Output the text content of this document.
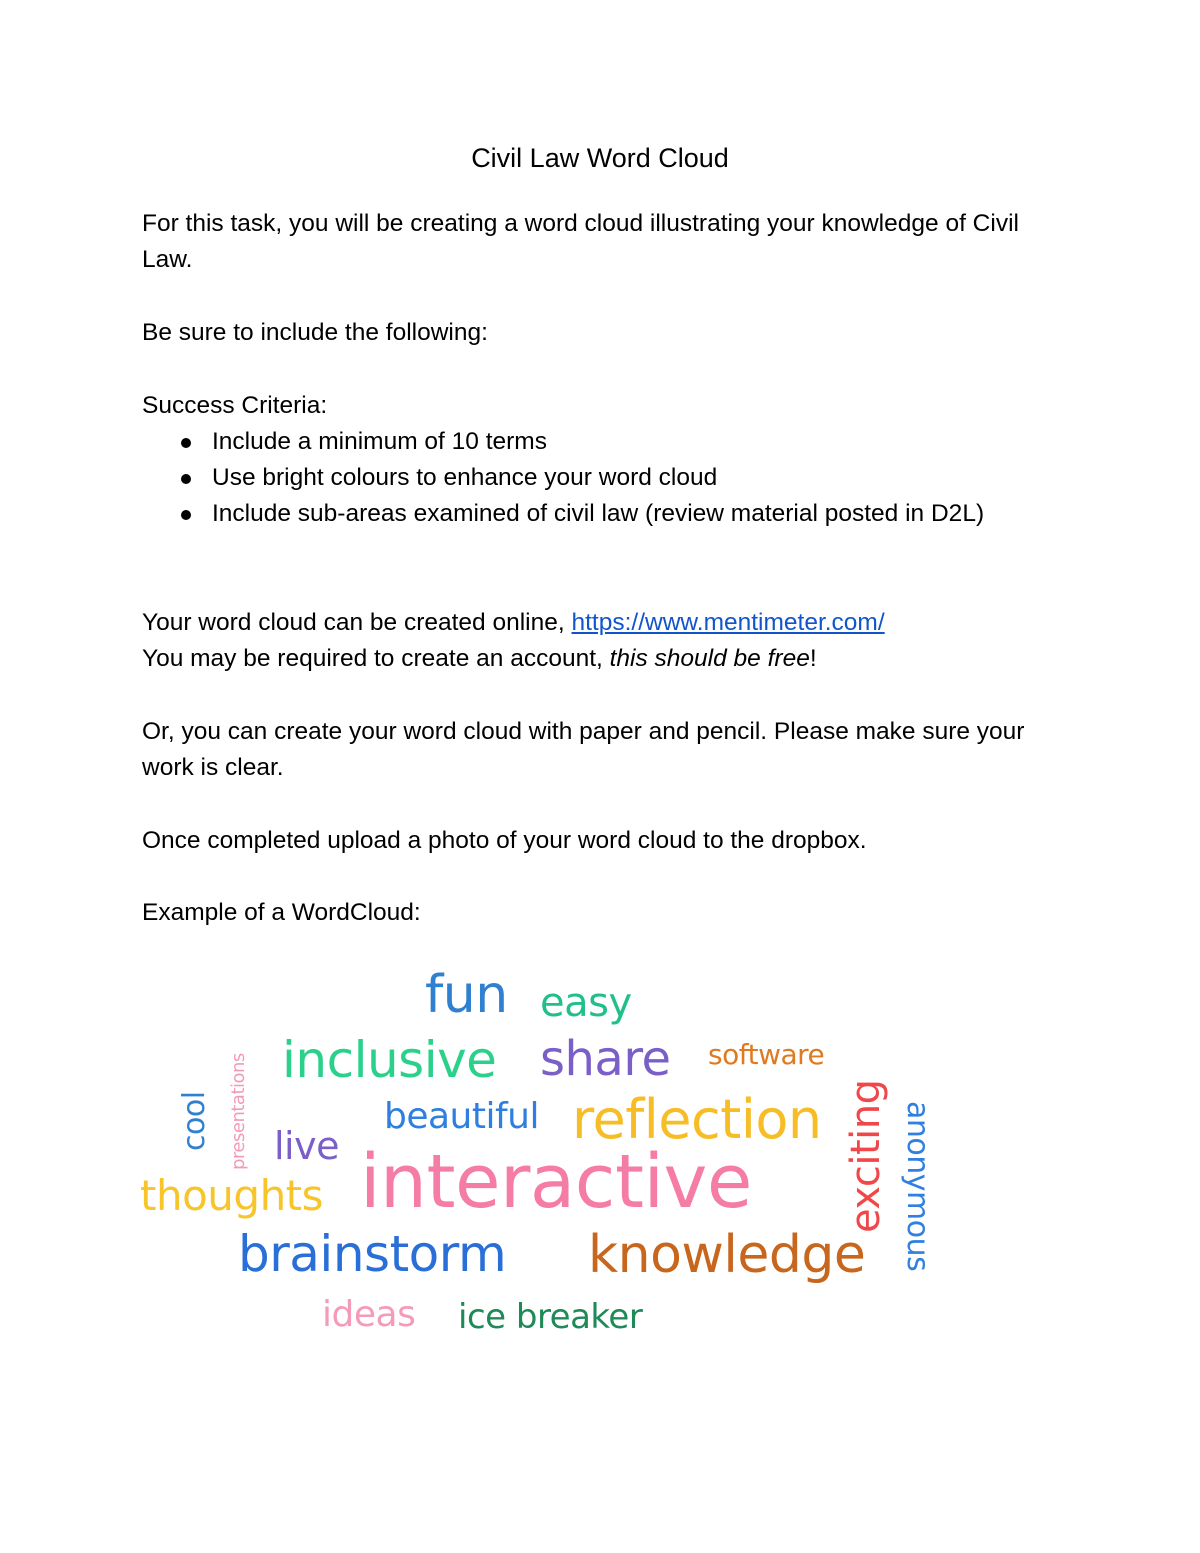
Civil Law Word Cloud
For this task, you will be creating a word cloud illustrating your knowledge of Civil Law.
Be sure to include the following:
Success Criteria:
Include a minimum of 10 terms
Use bright colours to enhance your word cloud
Include sub-areas examined of civil law (review material posted in D2L)
Your word cloud can be created online, https://www.mentimeter.com/
You may be required to create an account, this should be free!
Or, you can create your word cloud with paper and pencil. Please make sure your work is clear.
Once completed upload a photo of your word cloud to the dropbox.
Example of a WordCloud:
fun easy
inclusive share software
presentations
cool	beautiful reflection
live	exciting anonymous
thoughts interactive
brainstorm knowledge
ideas ice breaker
